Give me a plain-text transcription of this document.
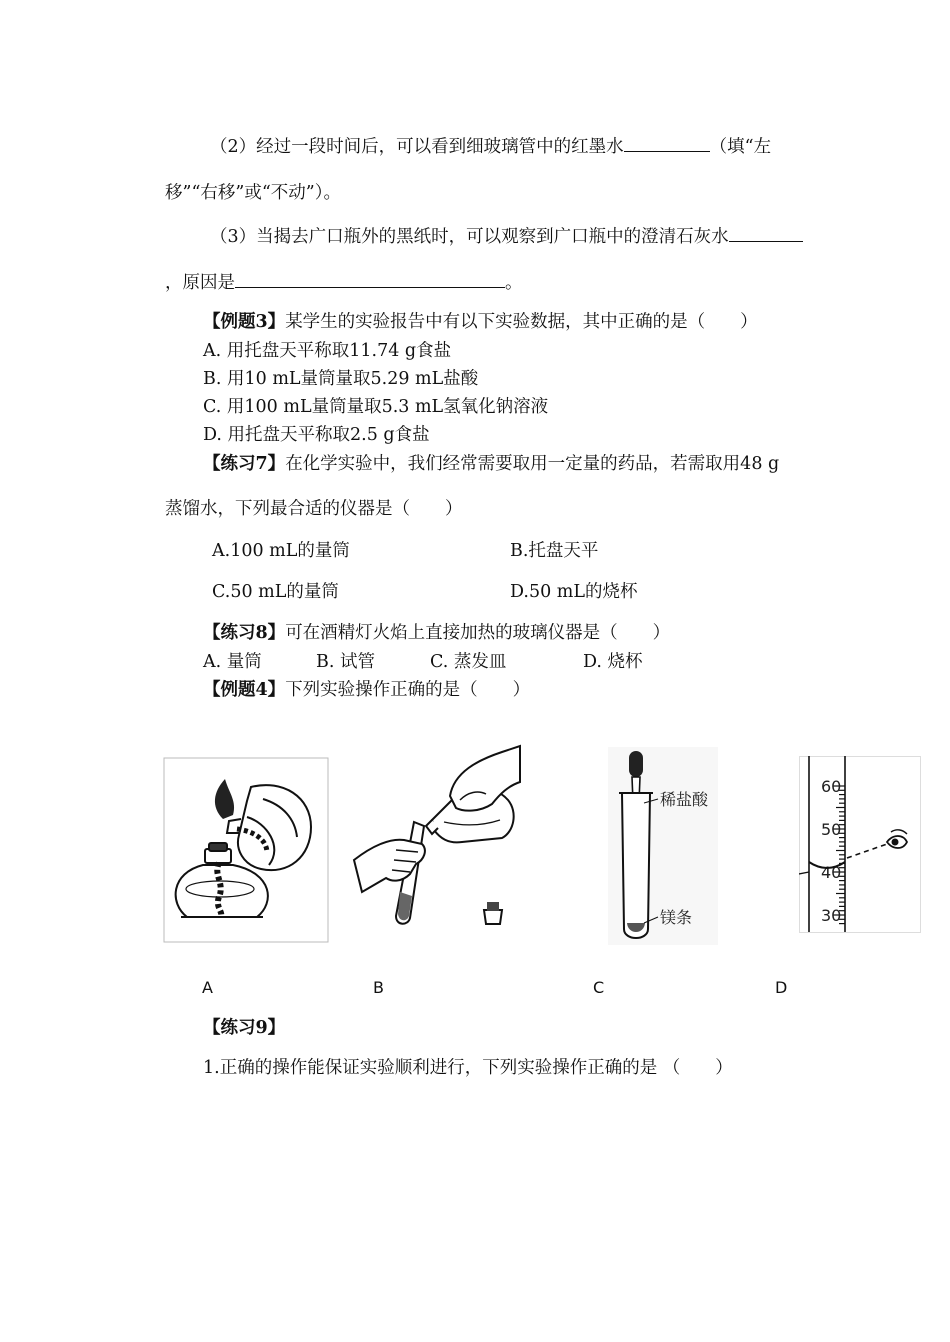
（2）经过一段时间后，可以看到细玻璃管中的红墨水	（填“左
移”“右移”或“不动”）。
（3）当揭去广口瓶外的黑纸时，可以观察到广口瓶中的澄清石灰水
，原因是	。
【例题3】某学生的实验报告中有以下实验数据，其中正确的是（　　）
A. 用托盘天平称取11.74 g食盐
B. 用10 mL量筒量取5.29 mL盐酸
C. 用100 mL量筒量取5.3 mL氢氧化钠溶液
D. 用托盘天平称取2.5 g食盐
【练习7】在化学实验中，我们经常需要取用一定量的药品，若需取用48 g
蒸馏水，下列最合适的仪器是（　　）
A.100 mL的量筒	B.托盘天平
C.50 mL的量筒	D.50 mL的烧杯
【练习8】可在酒精灯火焰上直接加热的玻璃仪器是（　　）
A. 量筒	B. 试管	C. 蒸发皿	D. 烧杯
【例题4】下列实验操作正确的是（　　）
稀盐酸
镁条
60
50
40
30
A	B	C	D
【练习9】
1.正确的操作能保证实验顺利进行，下列实验操作正确的是 （　　）
